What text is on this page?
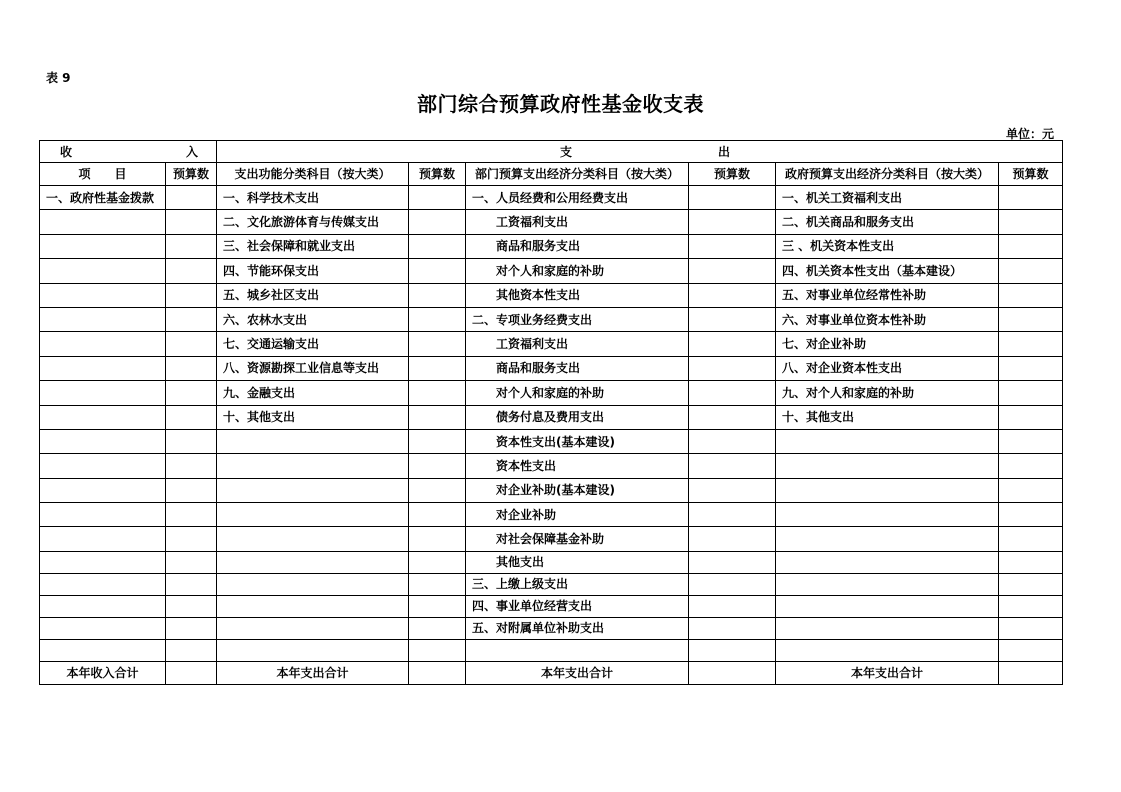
表 9
部门综合预算政府性基金收支表
单位：元
收 入		支 出					

项　　目	预算数	支出功能分类科目（按大类）	预算数	部门预算支出经济分类科目（按大类）	预算数	政府预算支出经济分类科目（按大类）	预算数
一、政府性基金拨款		一、科学技术支出		一、人员经费和公用经费支出		一、机关工资福利支出	
		二、文化旅游体育与传媒支出		工资福利支出		二、机关商品和服务支出	
		三、社会保障和就业支出		商品和服务支出		三 、机关资本性支出	
		四、节能环保支出		对个人和家庭的补助		四、机关资本性支出（基本建设）	
		五、城乡社区支出		其他资本性支出		五、对事业单位经常性补助	
		六、农林水支出		二、专项业务经费支出		六、对事业单位资本性补助	
		七、交通运输支出		工资福利支出		七、对企业补助	
		八、资源勘探工业信息等支出		商品和服务支出		八、对企业资本性支出	
		九、金融支出		对个人和家庭的补助		九、对个人和家庭的补助	
		十、其他支出		债务付息及费用支出		十、其他支出	
				资本性支出(基本建设)			
				资本性支出			
				对企业补助(基本建设)			
				对企业补助			
				对社会保障基金补助			
				其他支出			
				三、上缴上级支出			
				四、事业单位经营支出			
				五、对附属单位补助支出			

本年收入合计		本年支出合计		本年支出合计		本年支出合计	
